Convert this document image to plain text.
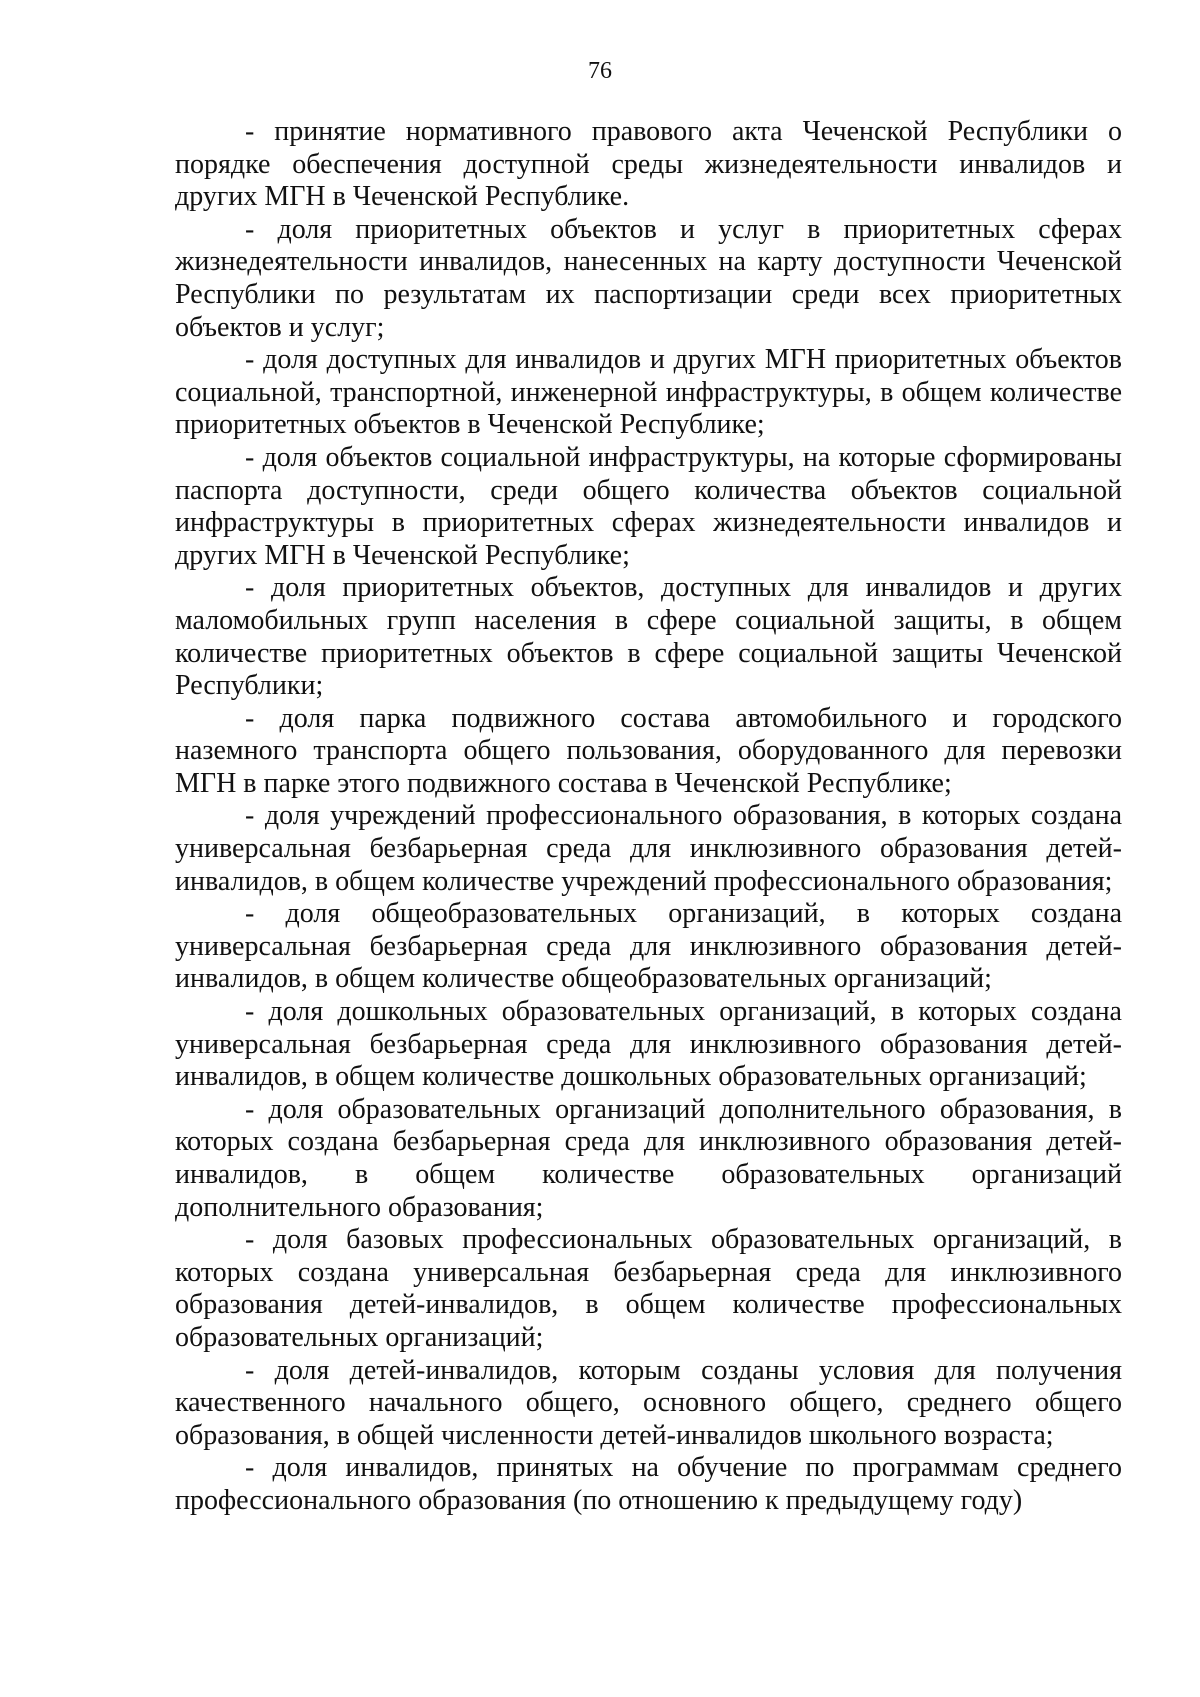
76

- принятие нормативного правового акта Чеченской Республики о порядке обеспечения доступной среды жизнедеятельности инвалидов и других МГН в Чеченской Республике.

- доля приоритетных объектов и услуг в приоритетных сферах жизнедеятельности инвалидов, нанесенных на карту доступности Чеченской Республики по результатам их паспортизации среди всех приоритетных объектов и услуг;

- доля доступных для инвалидов и других МГН приоритетных объектов социальной, транспортной, инженерной инфраструктуры, в общем количестве приоритетных объектов в Чеченской Республике;

- доля объектов социальной инфраструктуры, на которые сформированы паспорта доступности, среди общего количества объектов социальной инфраструктуры в приоритетных сферах жизнедеятельности инвалидов и других МГН в Чеченской Республике;

- доля приоритетных объектов, доступных для инвалидов и других маломобильных групп населения в сфере социальной защиты, в общем количестве приоритетных объектов в сфере социальной защиты Чеченской Республики;

- доля парка подвижного состава автомобильного и городского наземного транспорта общего пользования, оборудованного для перевозки МГН в парке этого подвижного состава в Чеченской Республике;

- доля учреждений профессионального образования, в которых создана универсальная безбарьерная среда для инклюзивного образования детей-инвалидов, в общем количестве учреждений профессионального образования;

- доля общеобразовательных организаций, в которых создана универсальная безбарьерная среда для инклюзивного образования детей-инвалидов, в общем количестве общеобразовательных организаций;

- доля дошкольных образовательных организаций, в которых создана универсальная безбарьерная среда для инклюзивного образования детей-инвалидов, в общем количестве дошкольных образовательных организаций;

- доля образовательных организаций дополнительного образования, в которых создана безбарьерная среда для инклюзивного образования детей-инвалидов, в общем количестве образовательных организаций дополнительного образования;

- доля базовых профессиональных образовательных организаций, в которых создана универсальная безбарьерная среда для инклюзивного образования детей-инвалидов, в общем количестве профессиональных образовательных организаций;

- доля детей-инвалидов, которым созданы условия для получения качественного начального общего, основного общего, среднего общего образования, в общей численности детей-инвалидов школьного возраста;

- доля инвалидов, принятых на обучение по программам среднего профессионального образования (по отношению к предыдущему году)
